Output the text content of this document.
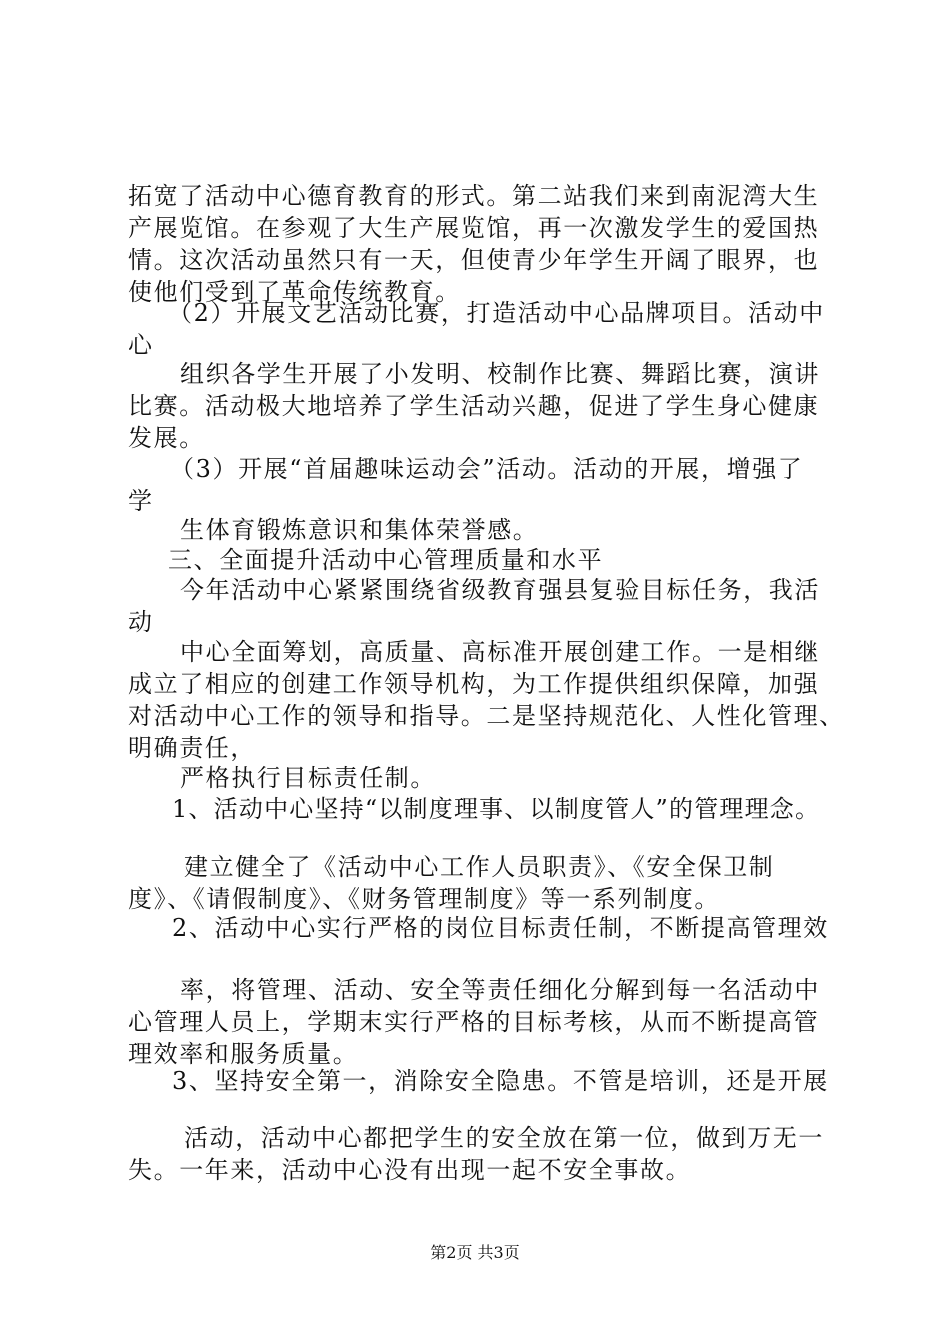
拓宽了活动中心德育教育的形式。第二站我们来到南泥湾大生
产展览馆。在参观了大生产展览馆，再一次激发学生的爱国热
情。这次活动虽然只有一天，但使青少年学生开阔了眼界，也
使他们受到了革命传统教育。
（2）开展文艺活动比赛，打造活动中心品牌项目。活动中
心
组织各学生开展了小发明、校制作比赛、舞蹈比赛，演讲
比赛。活动极大地培养了学生活动兴趣，促进了学生身心健康
发展。
（3）开展“首届趣味运动会”活动。活动的开展，增强了
学
生体育锻炼意识和集体荣誉感。
三、全面提升活动中心管理质量和水平
今年活动中心紧紧围绕省级教育强县复验目标任务，我活
动
中心全面筹划，高质量、高标准开展创建工作。一是相继
成立了相应的创建工作领导机构，为工作提供组织保障，加强
对活动中心工作的领导和指导。二是坚持规范化、人性化管理、
明确责任，
严格执行目标责任制。
1、活动中心坚持“以制度理事、以制度管人”的管理理念。
建立健全了《活动中心工作人员职责》、《安全保卫制
度》、《请假制度》、《财务管理制度》等一系列制度。
2、活动中心实行严格的岗位目标责任制，不断提高管理效
率，将管理、活动、安全等责任细化分解到每一名活动中
心管理人员上，学期末实行严格的目标考核，从而不断提高管
理效率和服务质量。
3、坚持安全第一，消除安全隐患。不管是培训，还是开展
活动，活动中心都把学生的安全放在第一位，做到万无一
失。一年来，活动中心没有出现一起不安全事故。
第2页 共3页
